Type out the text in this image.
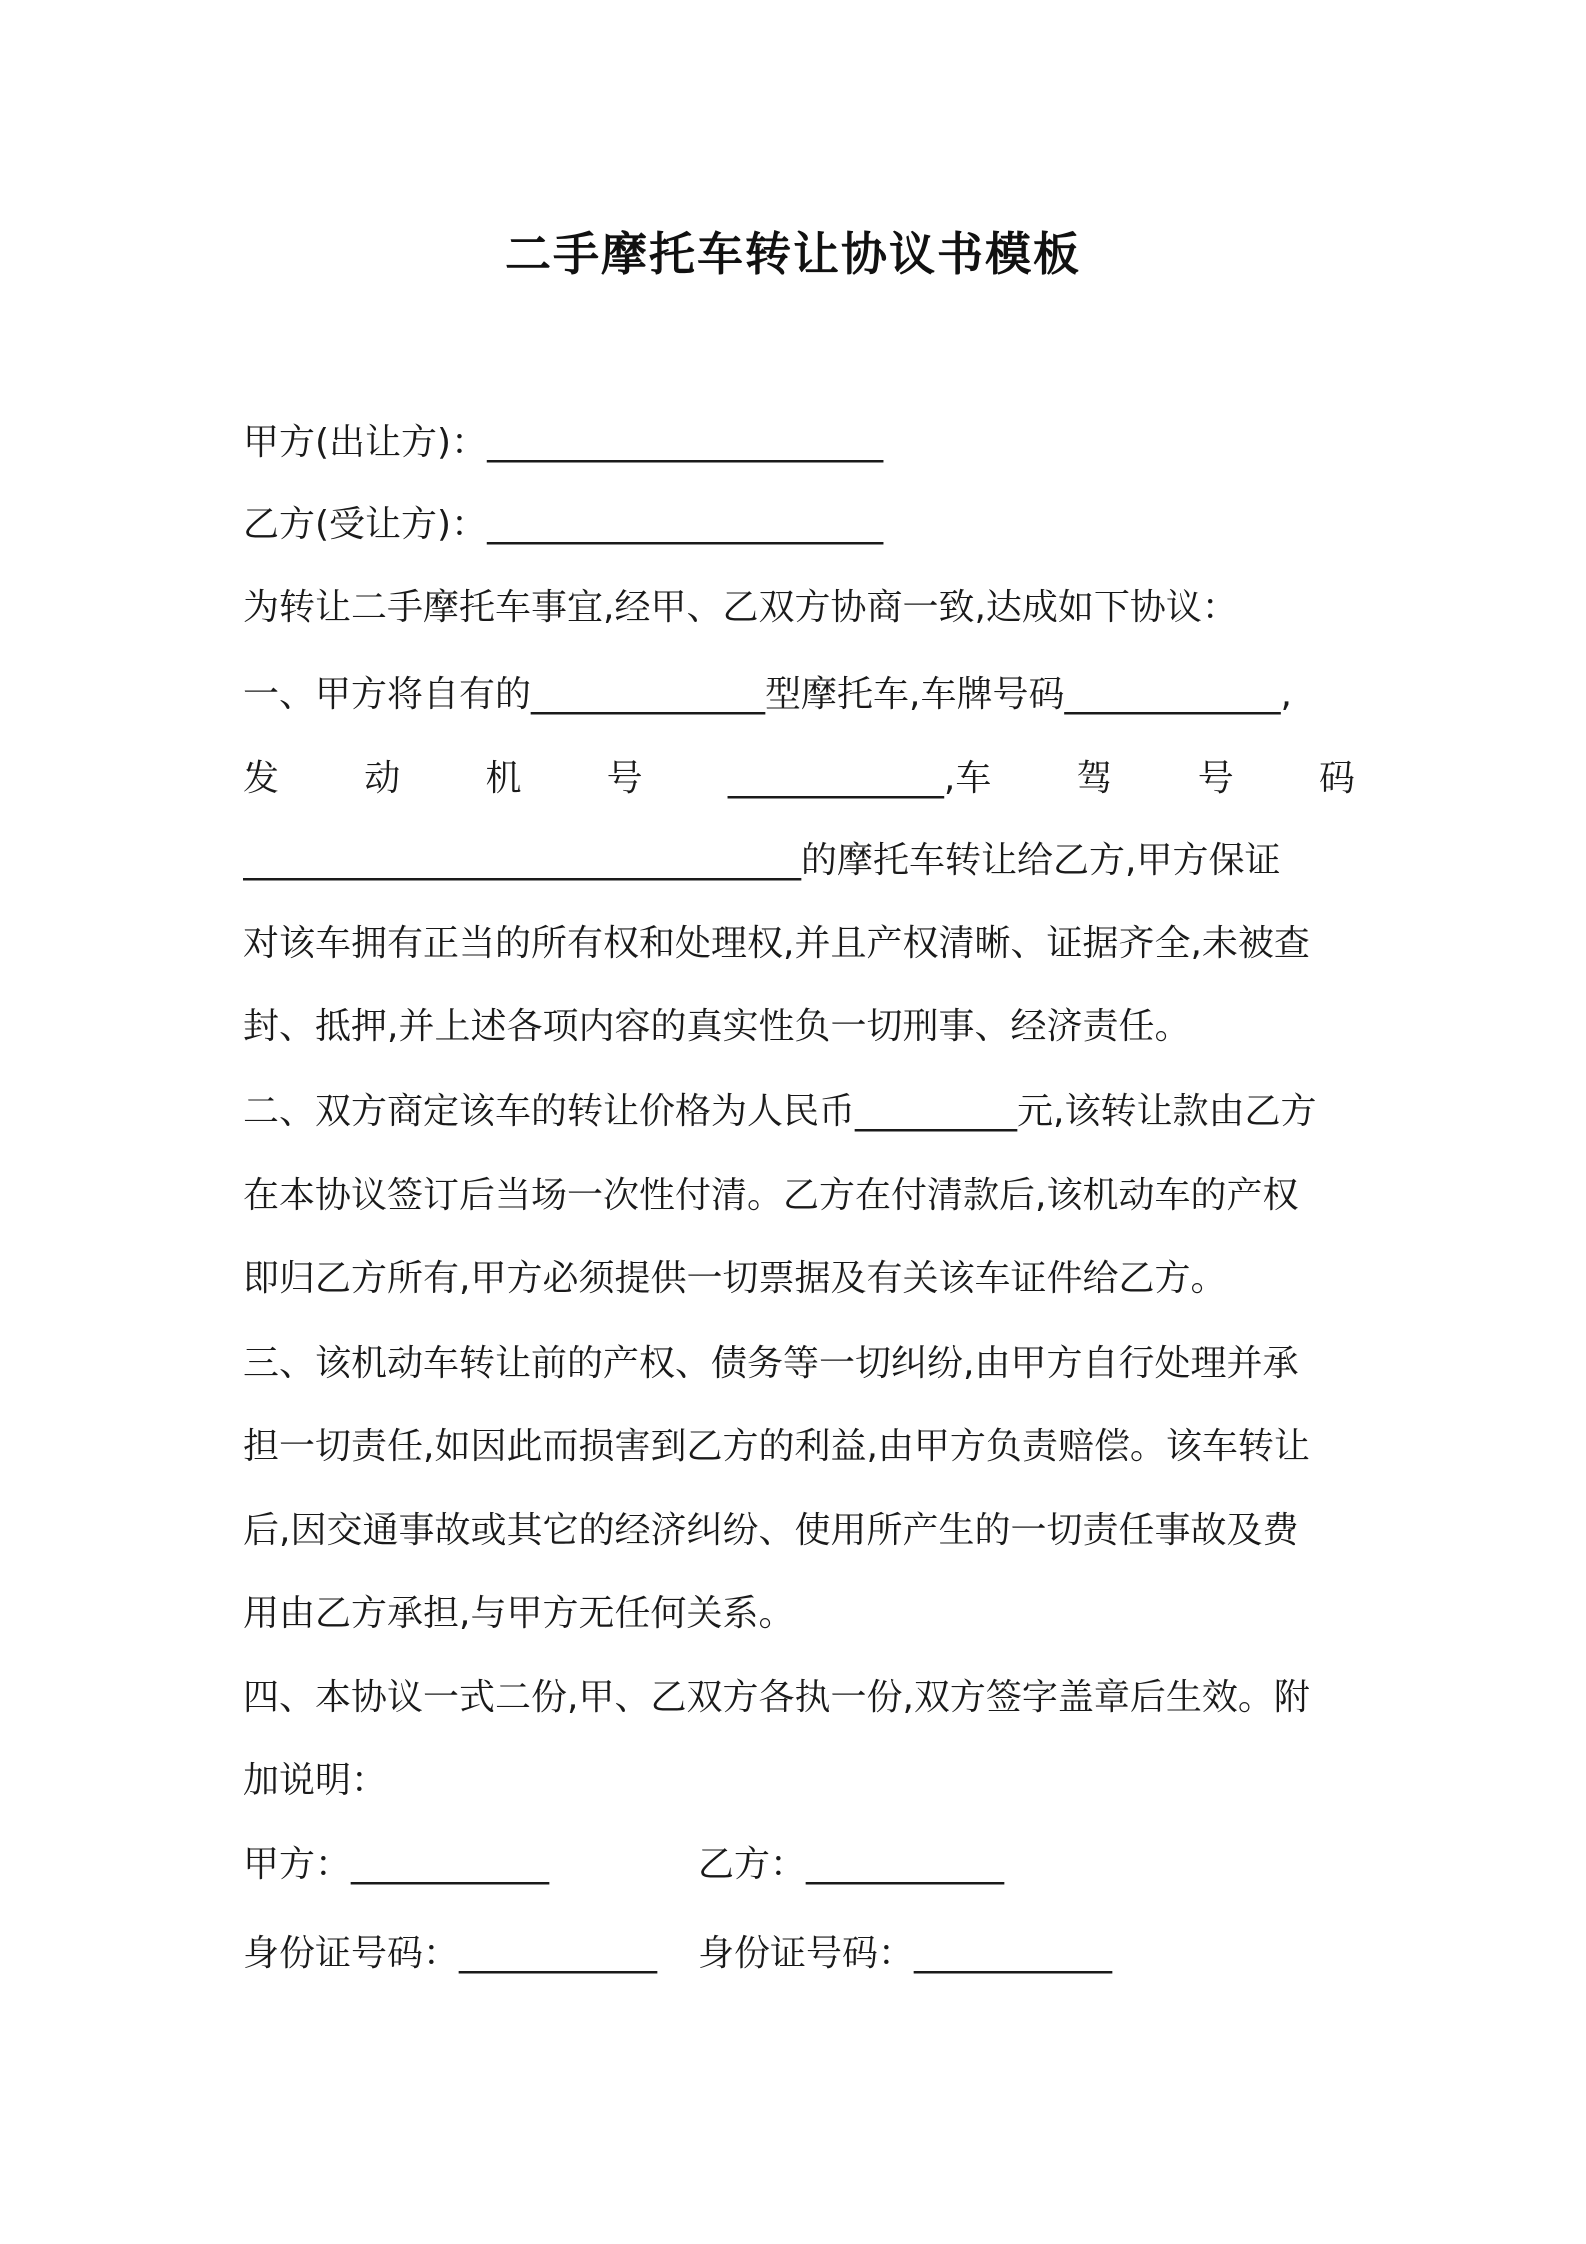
二手摩托车转让协议书模板
甲方(出让方)：______________________
乙方(受让方)：______________________
为转让二手摩托车事宜,经甲、乙双方协商一致,达成如下协议：
一、甲方将自有的_____________型摩托车,车牌号码____________,
发 动 机 号 ____________,车 驾 号 码
_______________________________的摩托车转让给乙方,甲方保证
对该车拥有正当的所有权和处理权,并且产权清晰、证据齐全,未被查
封、抵押,并上述各项内容的真实性负一切刑事、经济责任。
二、双方商定该车的转让价格为人民币_________元,该转让款由乙方
在本协议签订后当场一次性付清。乙方在付清款后,该机动车的产权
即归乙方所有,甲方必须提供一切票据及有关该车证件给乙方。
三、该机动车转让前的产权、债务等一切纠纷,由甲方自行处理并承
担一切责任,如因此而损害到乙方的利益,由甲方负责赔偿。该车转让
后,因交通事故或其它的经济纠纷、使用所产生的一切责任事故及费
用由乙方承担,与甲方无任何关系。
四、本协议一式二份,甲、乙双方各执一份,双方签字盖章后生效。附
加说明：
甲方：___________	乙方：___________
身份证号码：___________ 身份证号码：___________
